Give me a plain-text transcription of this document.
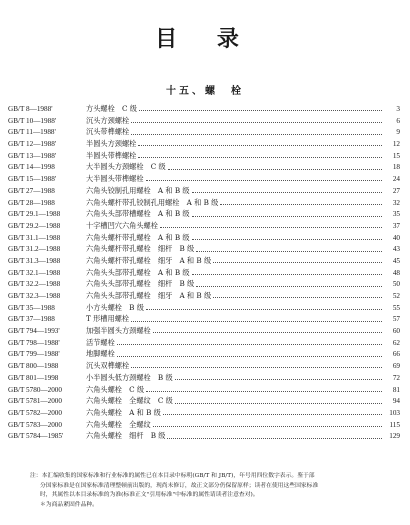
目 录
十五、螺　栓
GB/T 8—1988'	方头螺栓　C 级	3
GB/T 10—1988'	沉头方颈螺栓	6
GB/T 11—1988'	沉头带榫螺栓	9
GB/T 12—1988'	半圆头方颈螺栓	12
GB/T 13—1988'	半圆头带榫螺栓	15
GB/T 14—1998	大半圆头方颈螺栓　C 级	18
GB/T 15—1988'	大半圆头带榫螺栓	24
GB/T 27—1988	六角头铰制孔用螺栓　A 和 B 级	27
GB/T 28—1988	六角头螺杆带孔铰制孔用螺栓　A 和 B 级	32
GB/T 29.1—1988	六角头头部带槽螺栓　A 和 B 级	35
GB/T 29.2—1988	十字槽凹穴六角头螺栓	37
GB/T 31.1—1988	六角头螺杆带孔螺栓　A 和 B 级	40
GB/T 31.2—1988	六角头螺杆带孔螺栓　细杆　B 级	43
GB/T 31.3—1988	六角头螺杆带孔螺栓　细牙　A 和 B 级	45
GB/T 32.1—1988	六角头头部带孔螺栓　A 和 B 级	48
GB/T 32.2—1988	六角头头部带孔螺栓　细杆　B 级	50
GB/T 32.3—1988	六角头头部带孔螺栓　细牙　A 和 B 级	52
GB/T 35—1988	小方头螺栓　B 级	55
GB/T 37—1988	T 形槽用螺栓	57
GB/T 794—1993'	加强半圆头方颈螺栓	60
GB/T 798—1988'	活节螺栓	62
GB/T 799—1988'	地脚螺栓	66
GB/T 800—1988	沉头双榫螺栓	69
GB/T 801—1998	小半圆头低方颈螺栓　B 级	72
GB/T 5780—2000	六角头螺栓　C 级	81
GB/T 5781—2000	六角头螺栓　全螺纹　C 级	94
GB/T 5782—2000	六角头螺栓　A 和 B 级	103
GB/T 5783—2000	六角头螺栓　全螺纹	115
GB/T 5784—1985'	六角头螺栓　细杆　B 级	129
注：本汇编收集的国家标准和行业标准的属性已在本目录中标明(GB/T 和 JB/T)，年号用四位数字表示。鉴于部
分国家标准是在国家标准清理整顿前出版的，现尚未修订，故正文部分仍保留原样；读者在使用这些国家标准
时，其属性以本目录标准的为准(标准正文"引用标准"中标准的属性请读者注意查对)。
＊为商品紧固件品种。
